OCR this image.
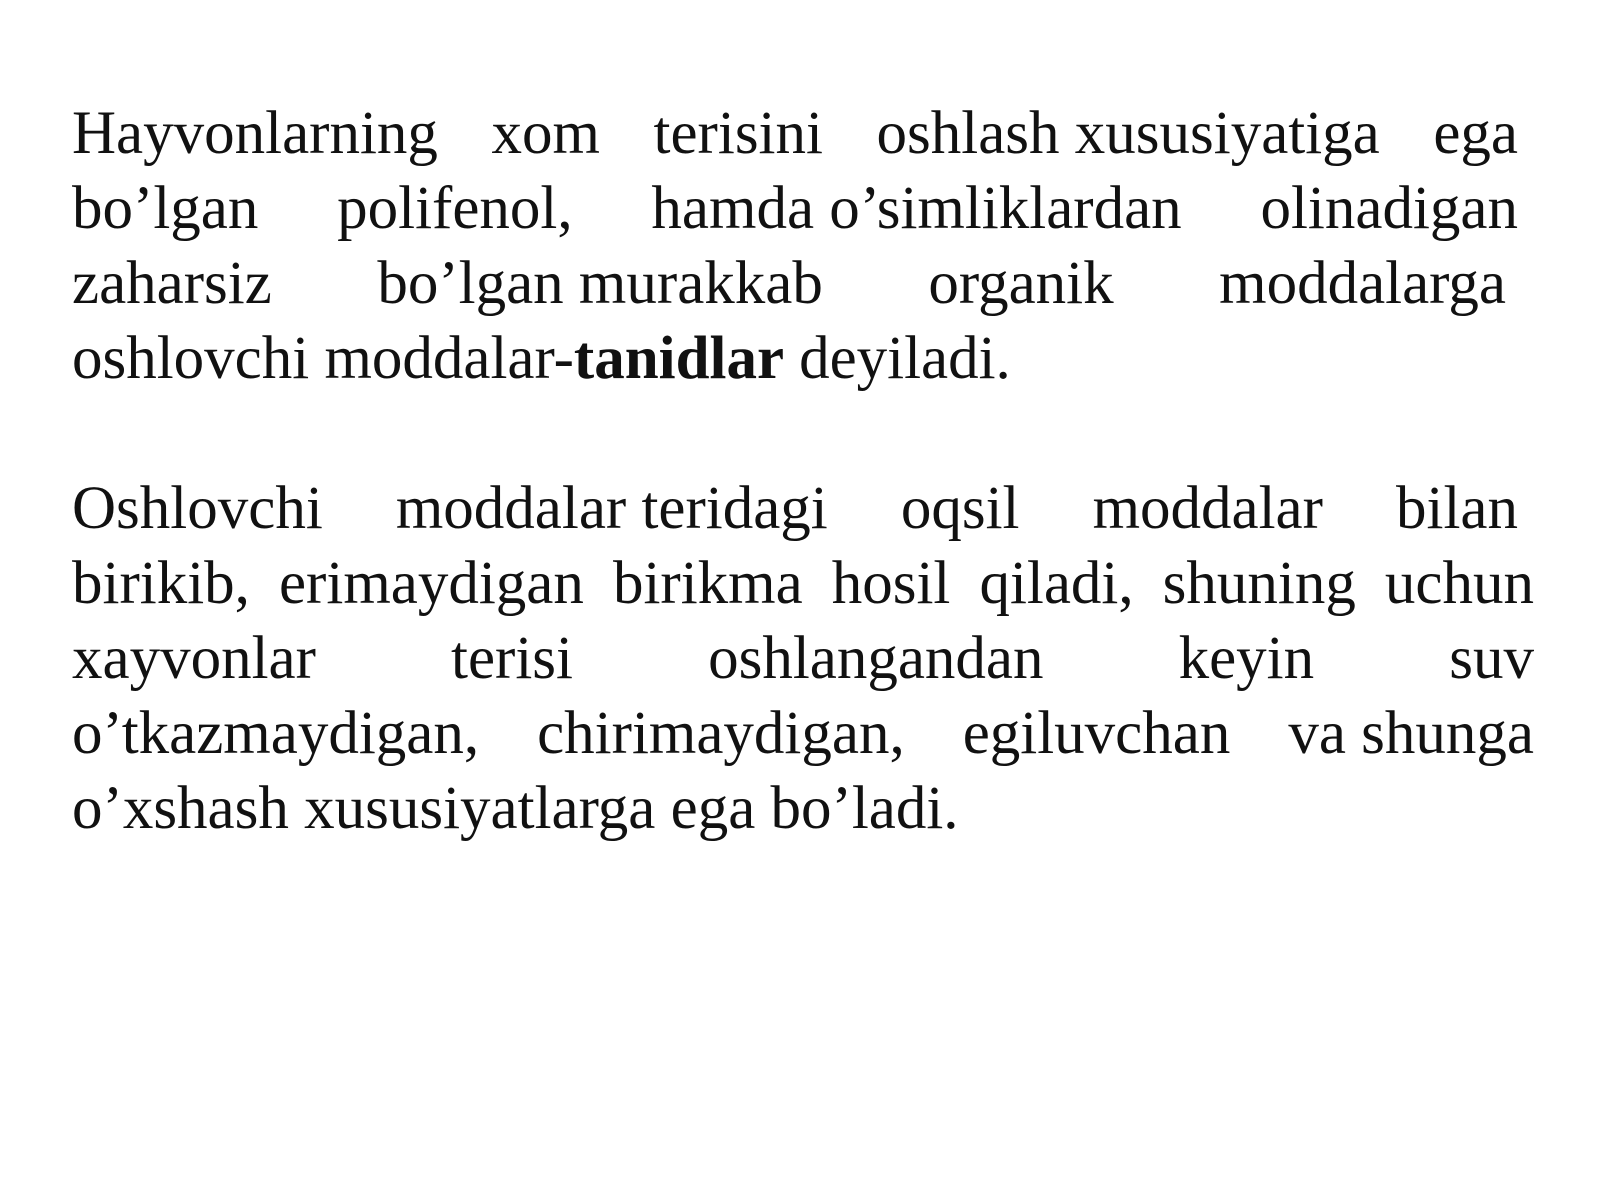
Hayvonlarning xom terisini oshlash xususiyatiga ega
bo’lgan polifenol, hamda o’simliklardan olinadigan
zaharsiz bo’lgan murakkab organik moddalarga
oshlovchi moddalar-tanidlar deyiladi.
Oshlovchi moddalar teridagi oqsil moddalar bilan
birikib, erimaydigan birikma hosil qiladi, shuning uchun
xayvonlar terisi oshlangandan keyin suv
o’tkazmaydigan, chirimaydigan, egiluvchan va shunga
o’xshash xususiyatlarga ega bo’ladi.
